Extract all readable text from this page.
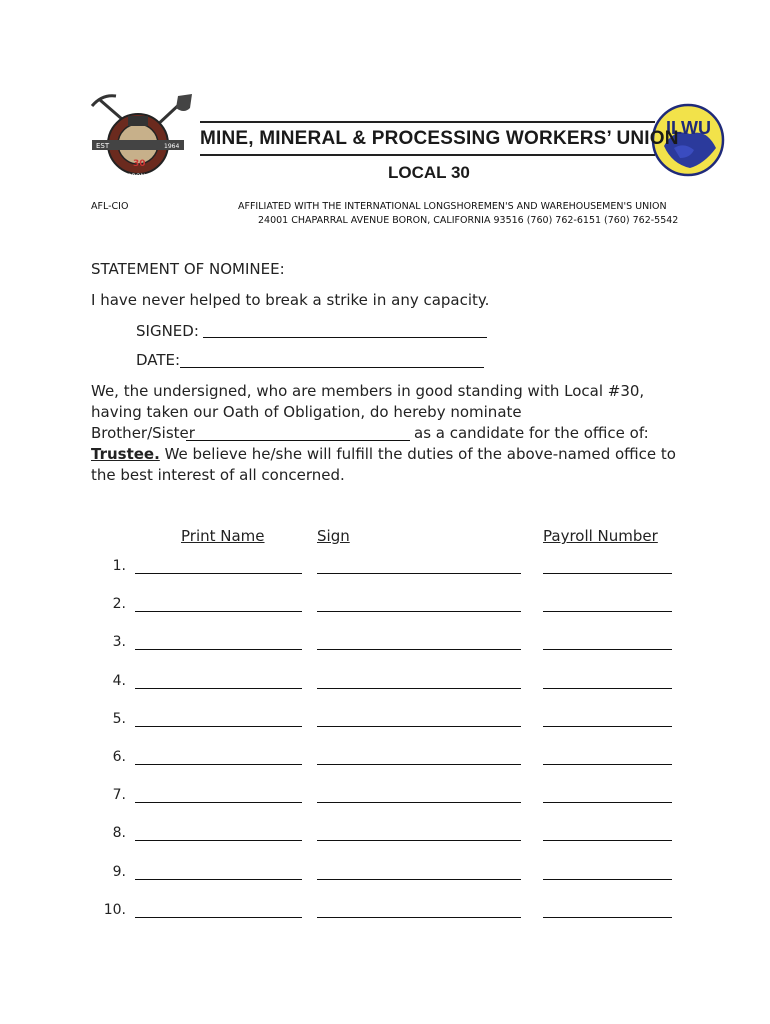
EST	1964
30
BORON, CA
ILWU
MINE, MINERAL & PROCESSING WORKERS’ UNION
LOCAL 30
AFL-CIO	AFFILIATED WITH THE INTERNATIONAL LONGSHOREMEN'S AND WAREHOUSEMEN'S UNION
24001 CHAPARRAL AVENUE BORON, CALIFORNIA 93516 (760) 762-6151 (760) 762-5542
STATEMENT OF NOMINEE:
I have never helped to break a strike in any capacity.
SIGNED:
DATE:
We, the undersigned, who are members in good standing with Local #30,
having taken our Oath of Obligation, do hereby nominate
Brother/Sister	as a candidate for the office of:
Trustee. We believe he/she will fulfill the duties of the above-named office to
the best interest of all concerned.
Print Name	Sign	Payroll Number
1.
2.
3.
4.
5.
6.
7.
8.
9.
10.
